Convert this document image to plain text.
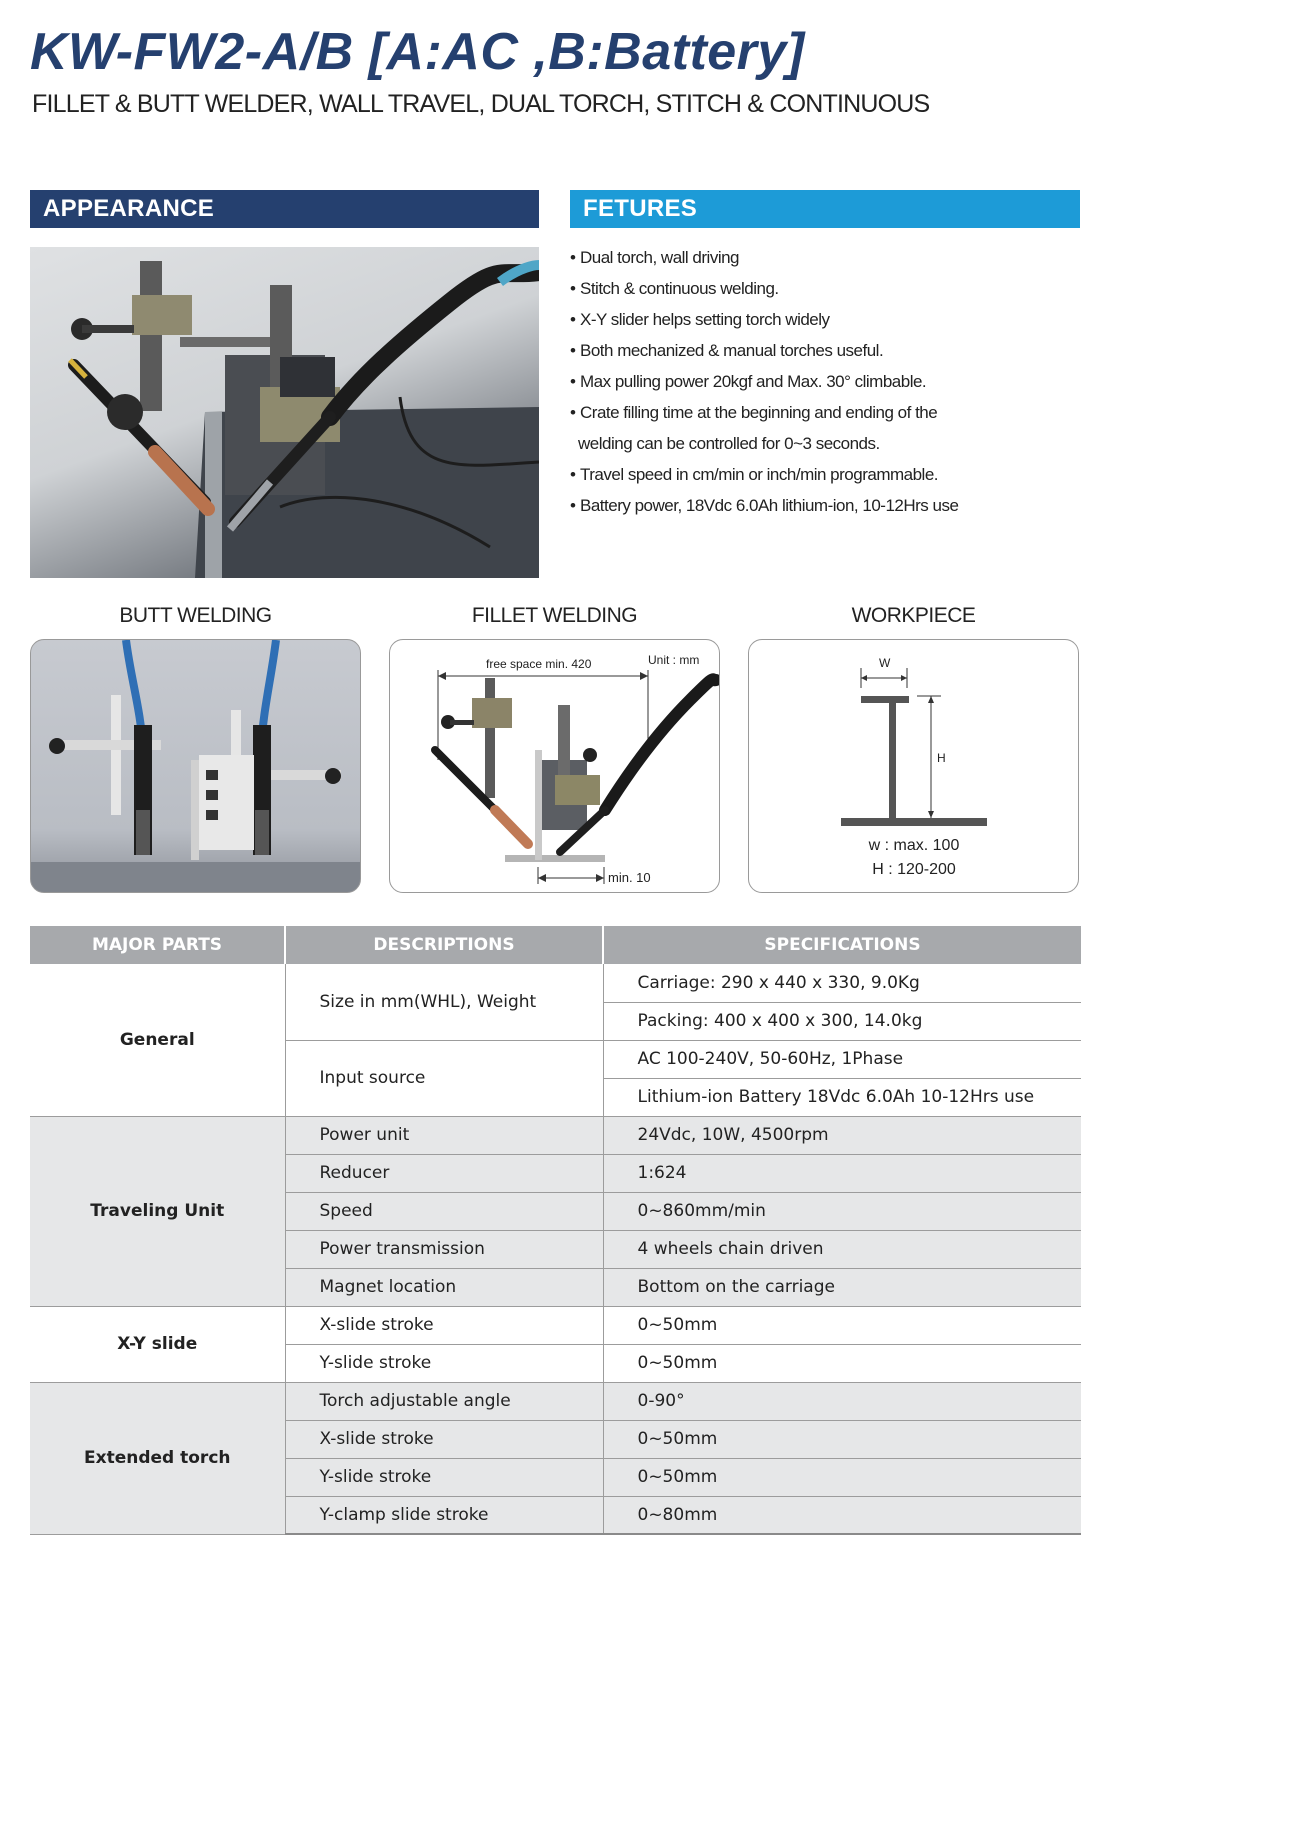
KW-FW2-A/B [A:AC ,B:Battery]
FILLET & BUTT WELDER, WALL TRAVEL, DUAL TORCH, STITCH & CONTINUOUS
APPEARANCE	FETURES
• Dual torch, wall driving
• Stitch & continuous welding.
• X-Y slider helps setting torch widely
• Both mechanized & manual torches useful.
• Max pulling power 20kgf and Max. 30° climbable.
• Crate filling time at the beginning and ending of the
welding can be controlled for 0~3 seconds.
• Travel speed in cm/min or inch/min programmable.
• Battery power, 18Vdc 6.0Ah lithium-ion, 10-12Hrs use
BUTT WELDING	FILLET WELDING	WORKPIECE
free space min. 420	Unit : mm
min. 10
W
H
w : max. 100
H : 120-200
MAJOR PARTS	DESCRIPTIONS	SPECIFICATIONS
General	Size in mm(WHL), Weight	Carriage: 290 x 440 x 330, 9.0Kg
		Packing: 400 x 400 x 300, 14.0kg
	Input source	AC 100-240V, 50-60Hz, 1Phase
		Lithium-ion Battery 18Vdc 6.0Ah 10-12Hrs use
Traveling Unit	Power unit	24Vdc, 10W, 4500rpm
	Reducer	1:624
	Speed	0~860mm/min
	Power transmission	4 wheels chain driven
	Magnet location	Bottom on the carriage
X-Y slide	X-slide stroke	0~50mm
	Y-slide stroke	0~50mm
Extended torch	Torch adjustable angle	0-90°
	X-slide stroke	0~50mm
	Y-slide stroke	0~50mm
	Y-clamp slide stroke	0~80mm
